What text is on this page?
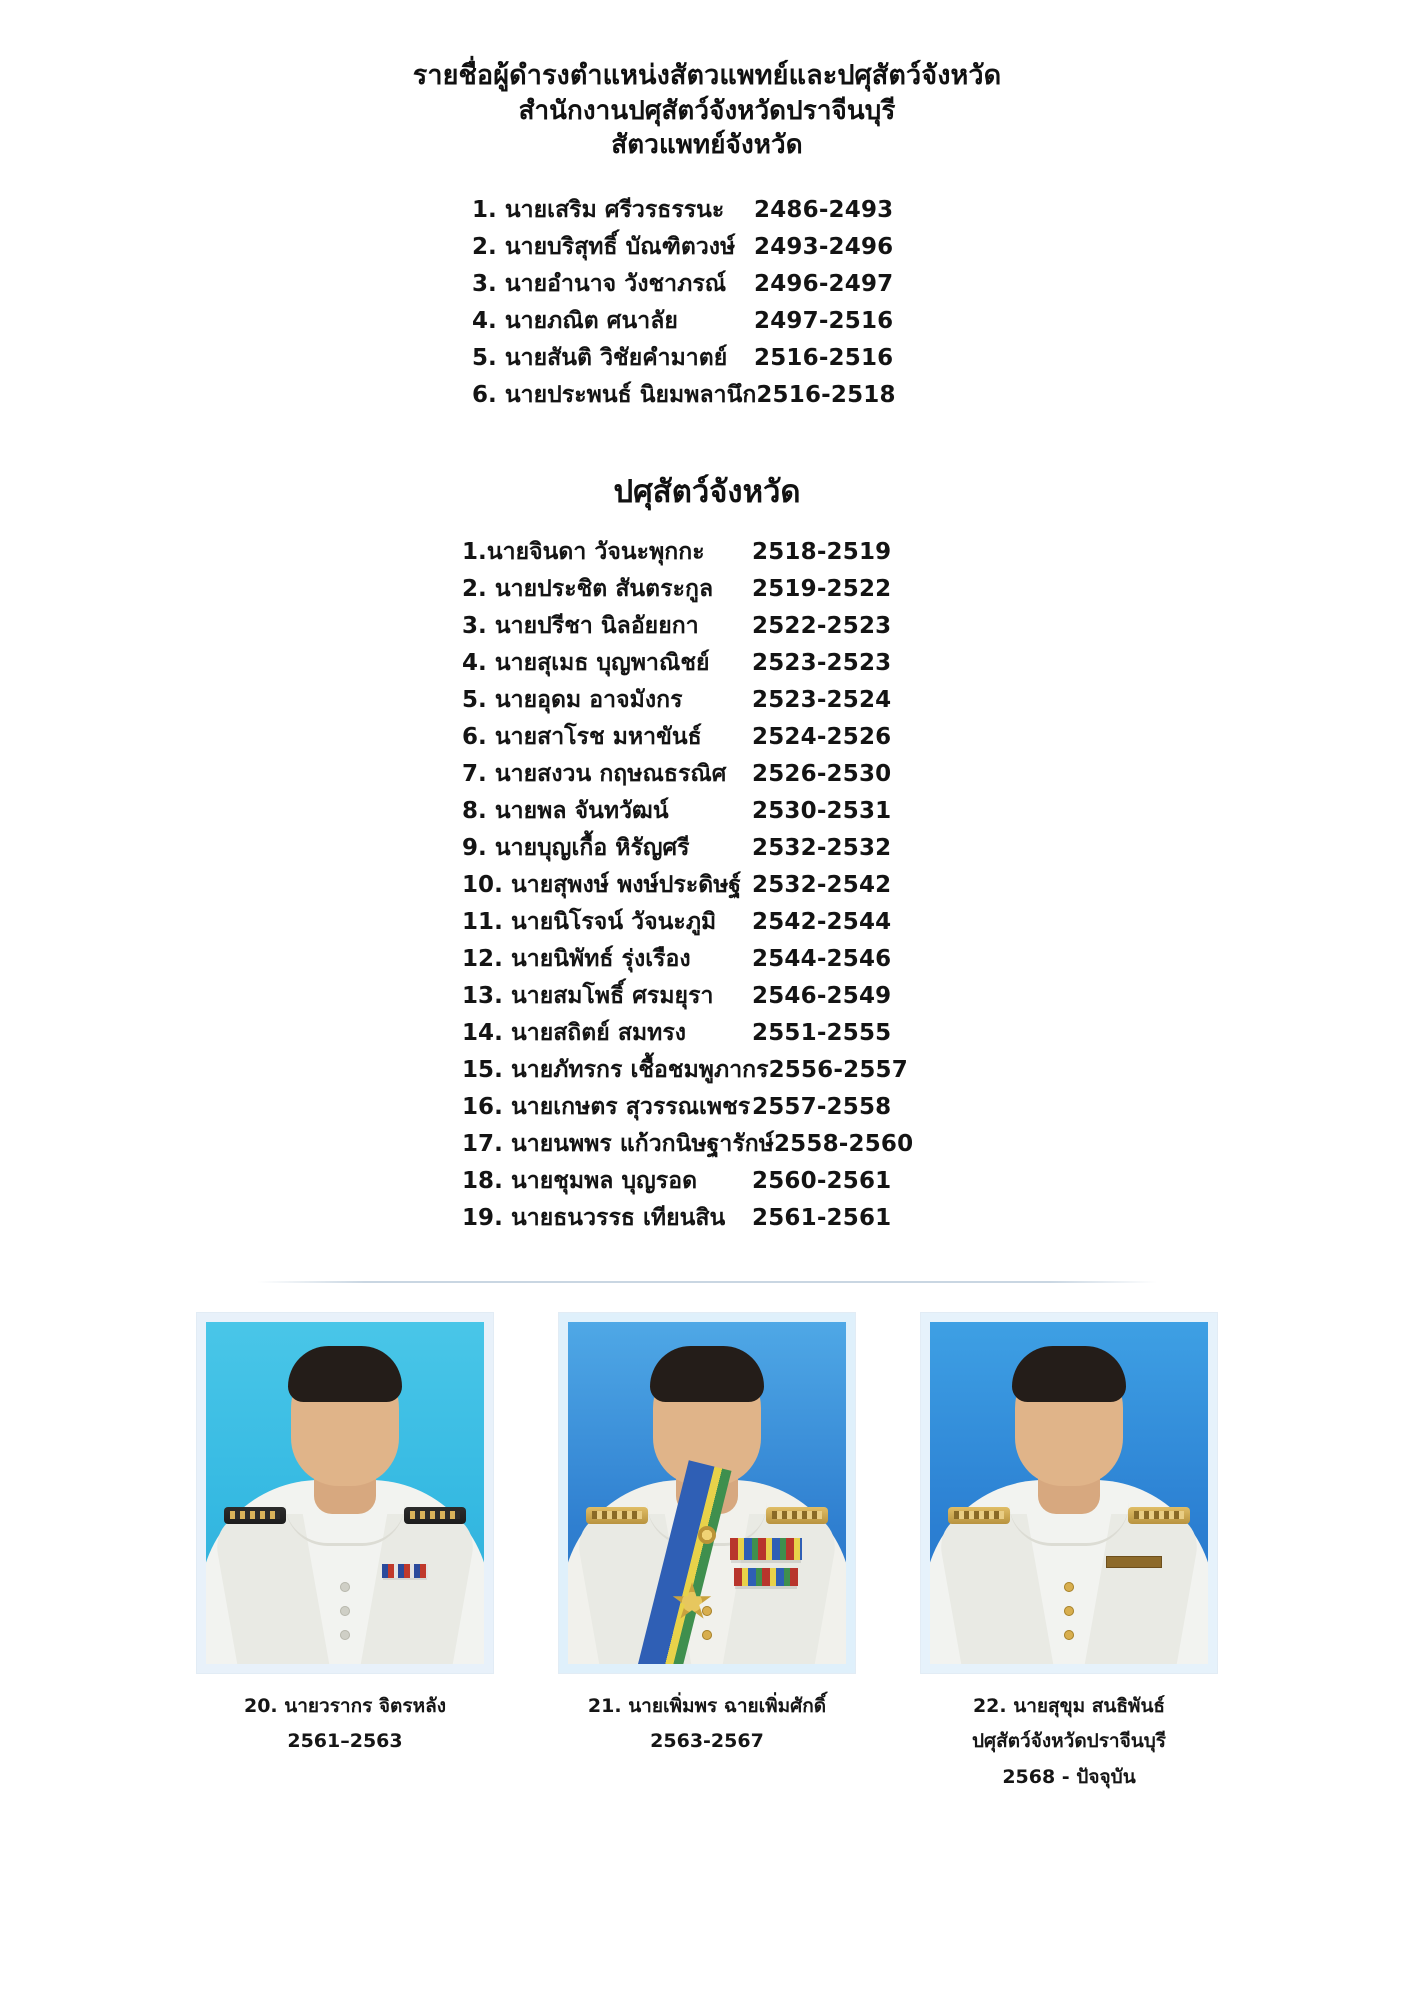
รายชื่อผู้ดำรงตำแหน่งสัตวแพทย์และปศุสัตว์จังหวัด
สำนักงานปศุสัตว์จังหวัดปราจีนบุรี
สัตวแพทย์จังหวัด
1. นายเสริม ศรีวรธรรนะ	2486-2493
2. นายบริสุทธิ์ บัณฑิตวงษ์ 2493-2496
3. นายอำนาจ วังชาภรณ์	2496-2497
4. นายภณิต ศนาลัย	2497-2516
5. นายสันติ วิชัยคำมาตย์	2516-2516
6. นายประพนธ์ นิยมพลานึก 2516-2518
ปศุสัตว์จังหวัด
1.นายจินดา วัจนะพุกกะ	2518-2519
2. นายประชิต สันตระกูล	2519-2522
3. นายปรีชา นิลอัยยกา	2522-2523
4. นายสุเมธ บุญพาณิชย์	2523-2523
5. นายอุดม อาจมังกร	2523-2524
6. นายสาโรช มหาขันธ์	2524-2526
7. นายสงวน กฤษณธรณิศ	2526-2530
8. นายพล จันทวัฒน์	2530-2531
9. นายบุญเกื้อ หิรัญศรี	2532-2532
10. นายสุพงษ์ พงษ์ประดิษฐ์ 2532-2542
11. นายนิโรจน์ วัจนะภูมิ	2542-2544
12. นายนิพัทธ์ รุ่งเรือง	2544-2546
13. นายสมโพธิ์ ศรมยุรา	2546-2549
14. นายสถิตย์ สมทรง	2551-2555
15. นายภัทรกร เชื้อชมพูภากร 2556-2557
16. นายเกษตร สุวรรณเพชร 2557-2558
17. นายนพพร แก้วกนิษฐารักษ์ 2558-2560
18. นายชุมพล บุญรอด	2560-2561
19. นายธนวรรธ เทียนสิน	2561-2561
20. นายวรากร จิตรหลัง
2561–2563
21. นายเพิ่มพร ฉายเพิ่มศักดิ์
2563-2567
22. นายสุขุม สนธิพันธ์
ปศุสัตว์จังหวัดปราจีนบุรี
2568 - ปัจจุบัน
